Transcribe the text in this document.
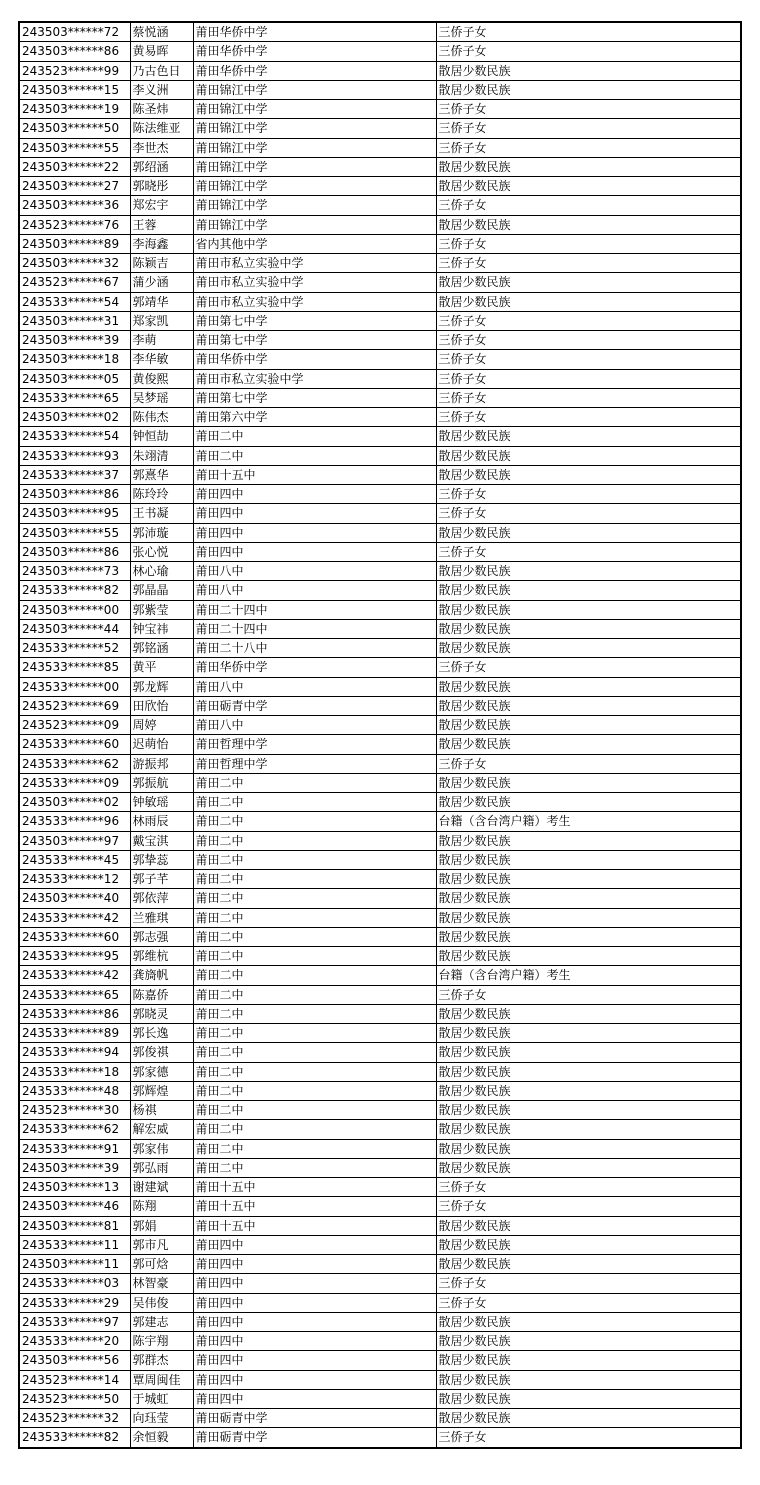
243503******72	蔡悦涵	莆田华侨中学	三侨子女
243503******86	黄易晖	莆田华侨中学	三侨子女
243523******99	乃古色日	莆田华侨中学	散居少数民族
243503******15	李义洲	莆田锦江中学	散居少数民族
243503******19	陈圣炜	莆田锦江中学	三侨子女
243503******50	陈法维亚	莆田锦江中学	三侨子女
243503******55	李世杰	莆田锦江中学	三侨子女
243503******22	郭绍涵	莆田锦江中学	散居少数民族
243503******27	郭晓彤	莆田锦江中学	散居少数民族
243503******36	郑宏宇	莆田锦江中学	三侨子女
243523******76	王蓉	莆田锦江中学	散居少数民族
243503******89	李海鑫	省内其他中学	三侨子女
243503******32	陈颖吉	莆田市私立实验中学	三侨子女
243523******67	蒲少涵	莆田市私立实验中学	散居少数民族
243533******54	郭靖华	莆田市私立实验中学	散居少数民族
243503******31	郑家凯	莆田第七中学	三侨子女
243503******39	李萌	莆田第七中学	三侨子女
243503******18	李华敏	莆田华侨中学	三侨子女
243503******05	黄俊熙	莆田市私立实验中学	三侨子女
243533******65	吴梦瑶	莆田第七中学	三侨子女
243503******02	陈伟杰	莆田第六中学	三侨子女
243533******54	钟恒劼	莆田二中	散居少数民族
243533******93	朱翊清	莆田二中	散居少数民族
243533******37	郭熹华	莆田十五中	散居少数民族
243503******86	陈玲玲	莆田四中	三侨子女
243503******95	王书凝	莆田四中	三侨子女
243503******55	郭沛璇	莆田四中	散居少数民族
243503******86	张心悦	莆田四中	三侨子女
243503******73	林心瑜	莆田八中	散居少数民族
243533******82	郭晶晶	莆田八中	散居少数民族
243503******00	郭紫莹	莆田二十四中	散居少数民族
243503******44	钟宝祎	莆田二十四中	散居少数民族
243533******52	郭铭涵	莆田二十八中	散居少数民族
243533******85	黄平	莆田华侨中学	三侨子女
243533******00	郭龙辉	莆田八中	散居少数民族
243523******69	田欣怡	莆田砺青中学	散居少数民族
243523******09	周婷	莆田八中	散居少数民族
243533******60	迟萌怡	莆田哲理中学	散居少数民族
243533******62	游振邦	莆田哲理中学	三侨子女
243533******09	郭振航	莆田二中	散居少数民族
243503******02	钟敏瑶	莆田二中	散居少数民族
243533******96	林雨辰	莆田二中	台籍（含台湾户籍）考生
243503******97	戴宝淇	莆田二中	散居少数民族
243533******45	郭挚蕊	莆田二中	散居少数民族
243533******12	郭子芊	莆田二中	散居少数民族
243503******40	郭依萍	莆田二中	散居少数民族
243533******42	兰雅琪	莆田二中	散居少数民族
243533******60	郭志强	莆田二中	散居少数民族
243533******95	郭维杭	莆田二中	散居少数民族
243533******42	龚旖帆	莆田二中	台籍（含台湾户籍）考生
243533******65	陈嘉侨	莆田二中	三侨子女
243533******86	郭晓灵	莆田二中	散居少数民族
243533******89	郭长逸	莆田二中	散居少数民族
243533******94	郭俊祺	莆田二中	散居少数民族
243533******18	郭家德	莆田二中	散居少数民族
243533******48	郭辉煌	莆田二中	散居少数民族
243523******30	杨祺	莆田二中	散居少数民族
243533******62	解宏威	莆田二中	散居少数民族
243533******91	郭家伟	莆田二中	散居少数民族
243503******39	郭弘雨	莆田二中	散居少数民族
243503******13	谢建斌	莆田十五中	三侨子女
243503******46	陈翔	莆田十五中	三侨子女
243503******81	郭娟	莆田十五中	散居少数民族
243533******11	郭市凡	莆田四中	散居少数民族
243503******11	郭可焓	莆田四中	散居少数民族
243533******03	林智豪	莆田四中	三侨子女
243533******29	吴伟俊	莆田四中	三侨子女
243533******97	郭建志	莆田四中	散居少数民族
243533******20	陈宇翔	莆田四中	散居少数民族
243503******56	郭群杰	莆田四中	散居少数民族
243523******14	覃周闽佳	莆田四中	散居少数民族
243523******50	于城虹	莆田四中	散居少数民族
243523******32	向珏莹	莆田砺青中学	散居少数民族
243533******82	余恒毅	莆田砺青中学	三侨子女
